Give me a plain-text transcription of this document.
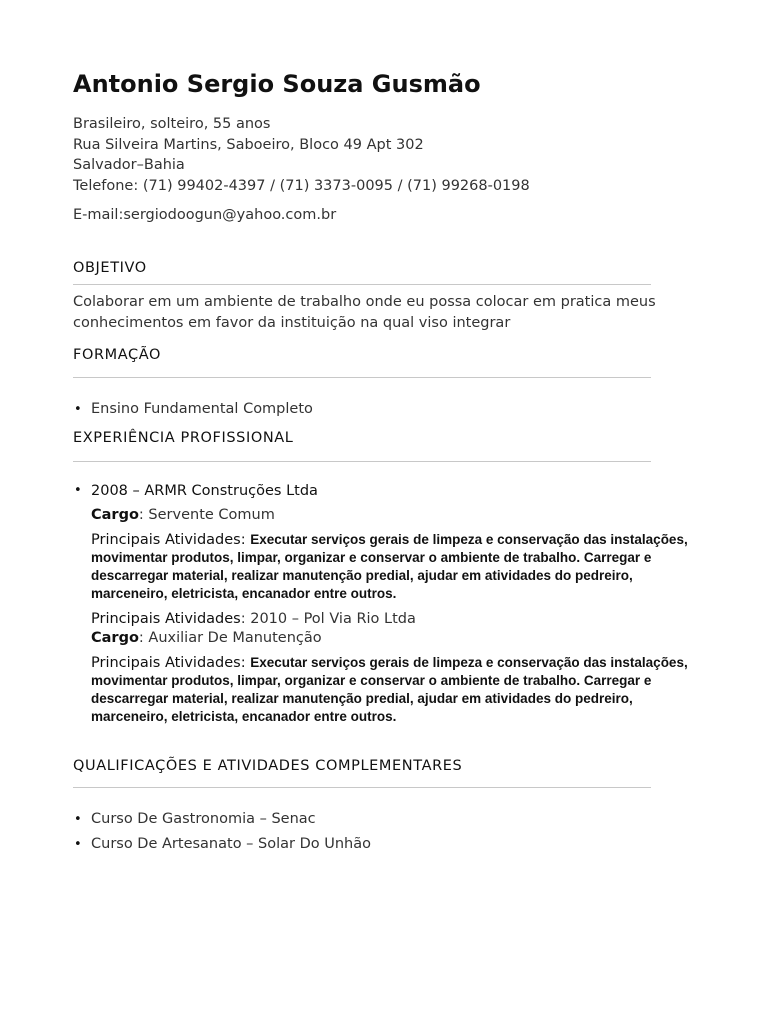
Antonio Sergio Souza Gusmão
Brasileiro, solteiro, 55 anos
Rua Silveira Martins, Saboeiro, Bloco 49 Apt 302
Salvador–Bahia
Telefone: (71) 99402-4397 / (71) 3373-0095 / (71) 99268-0198
E-mail:sergiodoogun@yahoo.com.br
OBJETIVO
Colaborar em um ambiente de trabalho onde eu possa colocar em pratica meus conhecimentos em favor da instituição na qual viso integrar
FORMAÇÃO
• Ensino Fundamental Completo
EXPERIÊNCIA PROFISSIONAL
• 2008 – ARMR Construções Ltda
Cargo: Servente Comum
Principais Atividades: Executar serviços gerais de limpeza e conservação das instalações, movimentar produtos, limpar, organizar e conservar o ambiente de trabalho. Carregar e descarregar material, realizar manutenção predial, ajudar em atividades do pedreiro, marceneiro, eletricista, encanador entre outros.
Principais Atividades: 2010 – Pol Via Rio Ltda
Cargo: Auxiliar De Manutenção
Principais Atividades: Executar serviços gerais de limpeza e conservação das instalações, movimentar produtos, limpar, organizar e conservar o ambiente de trabalho. Carregar e descarregar material, realizar manutenção predial, ajudar em atividades do pedreiro, marceneiro, eletricista, encanador entre outros.
QUALIFICAÇÕES E ATIVIDADES COMPLEMENTARES
• Curso De Gastronomia – Senac
• Curso De Artesanato – Solar Do Unhão
